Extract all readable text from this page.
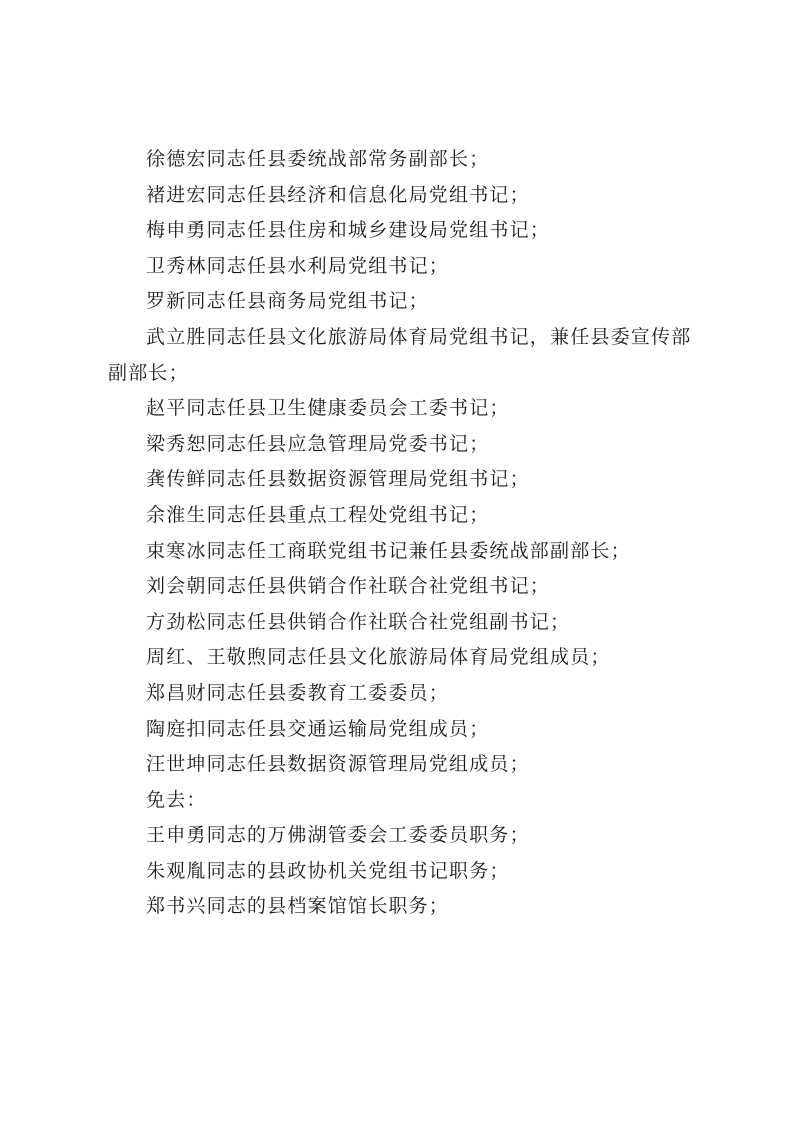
徐德宏同志任县委统战部常务副部长；

褚进宏同志任县经济和信息化局党组书记；

梅申勇同志任县住房和城乡建设局党组书记；

卫秀林同志任县水利局党组书记；

罗新同志任县商务局党组书记；

武立胜同志任县文化旅游局体育局党组书记，兼任县委宣传部副部长；

赵平同志任县卫生健康委员会工委书记；

梁秀恕同志任县应急管理局党委书记；

龚传鲜同志任县数据资源管理局党组书记；

余淮生同志任县重点工程处党组书记；

束寒冰同志任工商联党组书记兼任县委统战部副部长；

刘会朝同志任县供销合作社联合社党组书记；

方劲松同志任县供销合作社联合社党组副书记；

周红、王敬煦同志任县文化旅游局体育局党组成员；

郑昌财同志任县委教育工委委员；

陶庭扣同志任县交通运输局党组成员；

汪世坤同志任县数据资源管理局党组成员；

免去：

王申勇同志的万佛湖管委会工委委员职务；

朱观胤同志的县政协机关党组书记职务；

郑书兴同志的县档案馆馆长职务；
